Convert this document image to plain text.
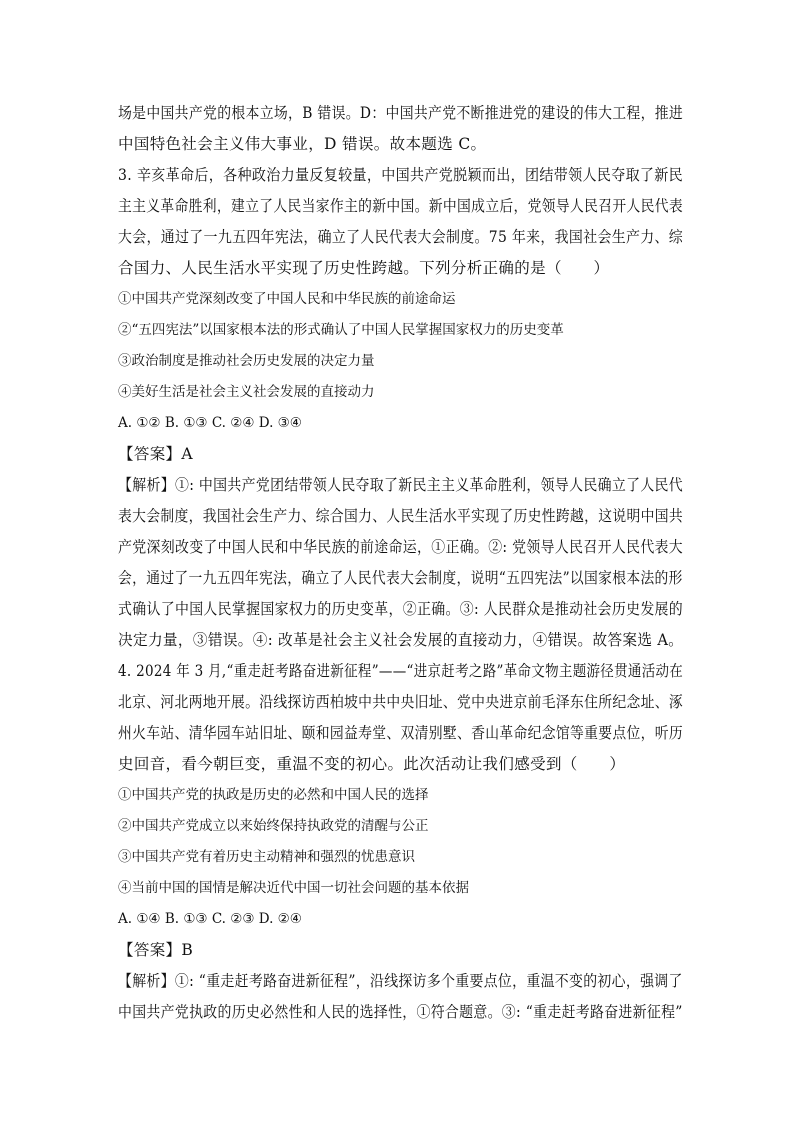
场是中国共产党的根本立场，B 错误。D：中国共产党不断推进党的建设的伟大工程，推进
中国特色社会主义伟大事业，D 错误。故本题选 C。
3. 辛亥革命后，各种政治力量反复较量，中国共产党脱颖而出，团结带领人民夺取了新民
主主义革命胜利，建立了人民当家作主的新中国。新中国成立后，党领导人民召开人民代表
大会，通过了一九五四年宪法，确立了人民代表大会制度。75 年来，我国社会生产力、综
合国力、人民生活水平实现了历史性跨越。下列分析正确的是（　　）
①中国共产党深刻改变了中国人民和中华民族的前途命运
②“五四宪法”以国家根本法的形式确认了中国人民掌握国家权力的历史变革
③政治制度是推动社会历史发展的决定力量
④美好生活是社会主义社会发展的直接动力
A. ①② B. ①③ C. ②④ D. ③④
【答案】A
【解析】①: 中国共产党团结带领人民夺取了新民主主义革命胜利，领导人民确立了人民代
表大会制度，我国社会生产力、综合国力、人民生活水平实现了历史性跨越，这说明中国共
产党深刻改变了中国人民和中华民族的前途命运，①正确。②: 党领导人民召开人民代表大
会，通过了一九五四年宪法，确立了人民代表大会制度，说明“五四宪法”以国家根本法的形
式确认了中国人民掌握国家权力的历史变革，②正确。③: 人民群众是推动社会历史发展的
决定力量，③错误。④: 改革是社会主义社会发展的直接动力，④错误。故答案选 A。
4. 2024 年 3 月,“重走赶考路奋进新征程”——“进京赶考之路”革命文物主题游径贯通活动在
北京、河北两地开展。沿线探访西柏坡中共中央旧址、党中央进京前毛泽东住所纪念址、涿
州火车站、清华园车站旧址、颐和园益寿堂、双清别墅、香山革命纪念馆等重要点位，听历
史回音，看今朝巨变，重温不变的初心。此次活动让我们感受到（　　）
①中国共产党的执政是历史的必然和中国人民的选择
②中国共产党成立以来始终保持执政党的清醒与公正
③中国共产党有着历史主动精神和强烈的忧患意识
④当前中国的国情是解决近代中国一切社会问题的基本依据
A. ①④ B. ①③ C. ②③ D. ②④
【答案】B
【解析】①: “重走赶考路奋进新征程”，沿线探访多个重要点位，重温不变的初心，强调了
中国共产党执政的历史必然性和人民的选择性，①符合题意。③: “重走赶考路奋进新征程”
